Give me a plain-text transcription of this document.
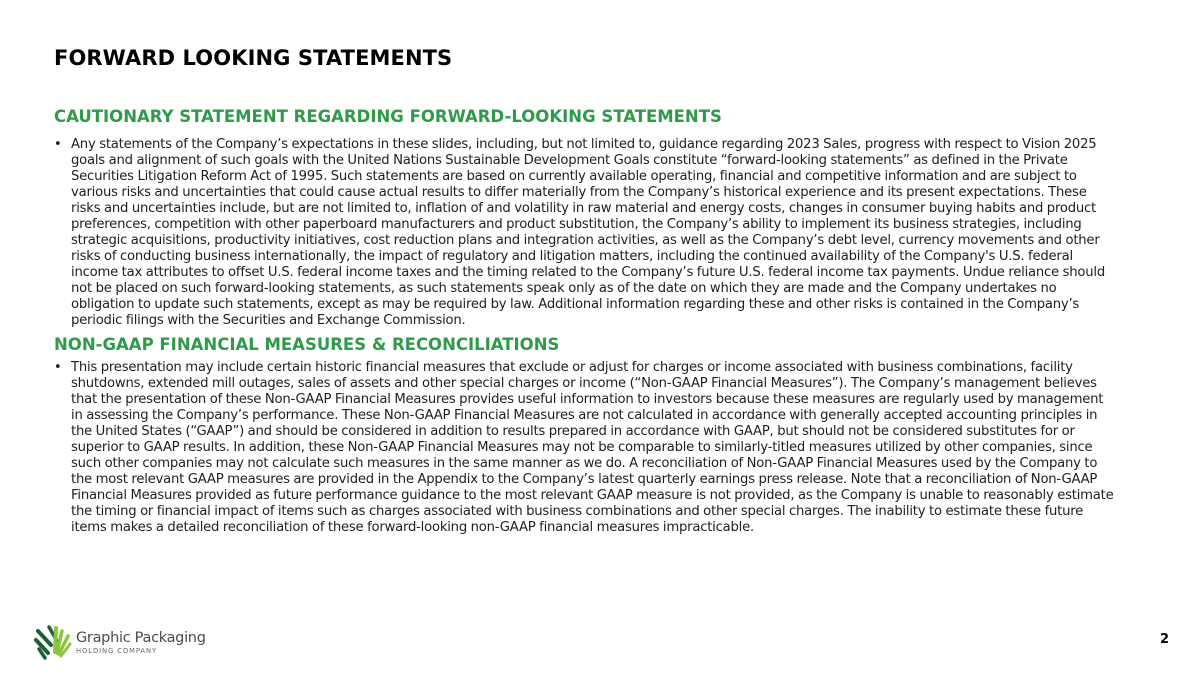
FORWARD LOOKING STATEMENTS
CAUTIONARY STATEMENT REGARDING FORWARD-LOOKING STATEMENTS
• Any statements of the Company’s expectations in these slides, including, but not limited to, guidance regarding 2023 Sales, progress with respect to Vision 2025 goals and alignment of such goals with the United Nations Sustainable Development Goals constitute “forward-looking statements” as defined in the Private Securities Litigation Reform Act of 1995. Such statements are based on currently available operating, financial and competitive information and are subject to various risks and uncertainties that could cause actual results to differ materially from the Company’s historical experience and its present expectations. These risks and uncertainties include, but are not limited to, inflation of and volatility in raw material and energy costs, changes in consumer buying habits and product preferences, competition with other paperboard manufacturers and product substitution, the Company’s ability to implement its business strategies, including strategic acquisitions, productivity initiatives, cost reduction plans and integration activities, as well as the Company’s debt level, currency movements and other risks of conducting business internationally, the impact of regulatory and litigation matters, including the continued availability of the Company's U.S. federal income tax attributes to offset U.S. federal income taxes and the timing related to the Company’s future U.S. federal income tax payments. Undue reliance should not be placed on such forward-looking statements, as such statements speak only as of the date on which they are made and the Company undertakes no obligation to update such statements, except as may be required by law. Additional information regarding these and other risks is contained in the Company’s periodic filings with the Securities and Exchange Commission.

NON-GAAP FINANCIAL MEASURES & RECONCILIATIONS
• This presentation may include certain historic financial measures that exclude or adjust for charges or income associated with business combinations, facility shutdowns, extended mill outages, sales of assets and other special charges or income (“Non-GAAP Financial Measures”). The Company’s management believes that the presentation of these Non-GAAP Financial Measures provides useful information to investors because these measures are regularly used by management in assessing the Company’s performance. These Non-GAAP Financial Measures are not calculated in accordance with generally accepted accounting principles in the United States (“GAAP”) and should be considered in addition to results prepared in accordance with GAAP, but should not be considered substitutes for or superior to GAAP results. In addition, these Non-GAAP Financial Measures may not be comparable to similarly-titled measures utilized by other companies, since such other companies may not calculate such measures in the same manner as we do. A reconciliation of Non-GAAP Financial Measures used by the Company to the most relevant GAAP measures are provided in the Appendix to the Company’s latest quarterly earnings press release. Note that a reconciliation of Non-GAAP Financial Measures provided as future performance guidance to the most relevant GAAP measure is not provided, as the Company is unable to reasonably estimate the timing or financial impact of items such as charges associated with business combinations and other special charges. The inability to estimate these future items makes a detailed reconciliation of these forward-looking non-GAAP financial measures impracticable.

Graphic Packaging
HOLDING COMPANY
2
